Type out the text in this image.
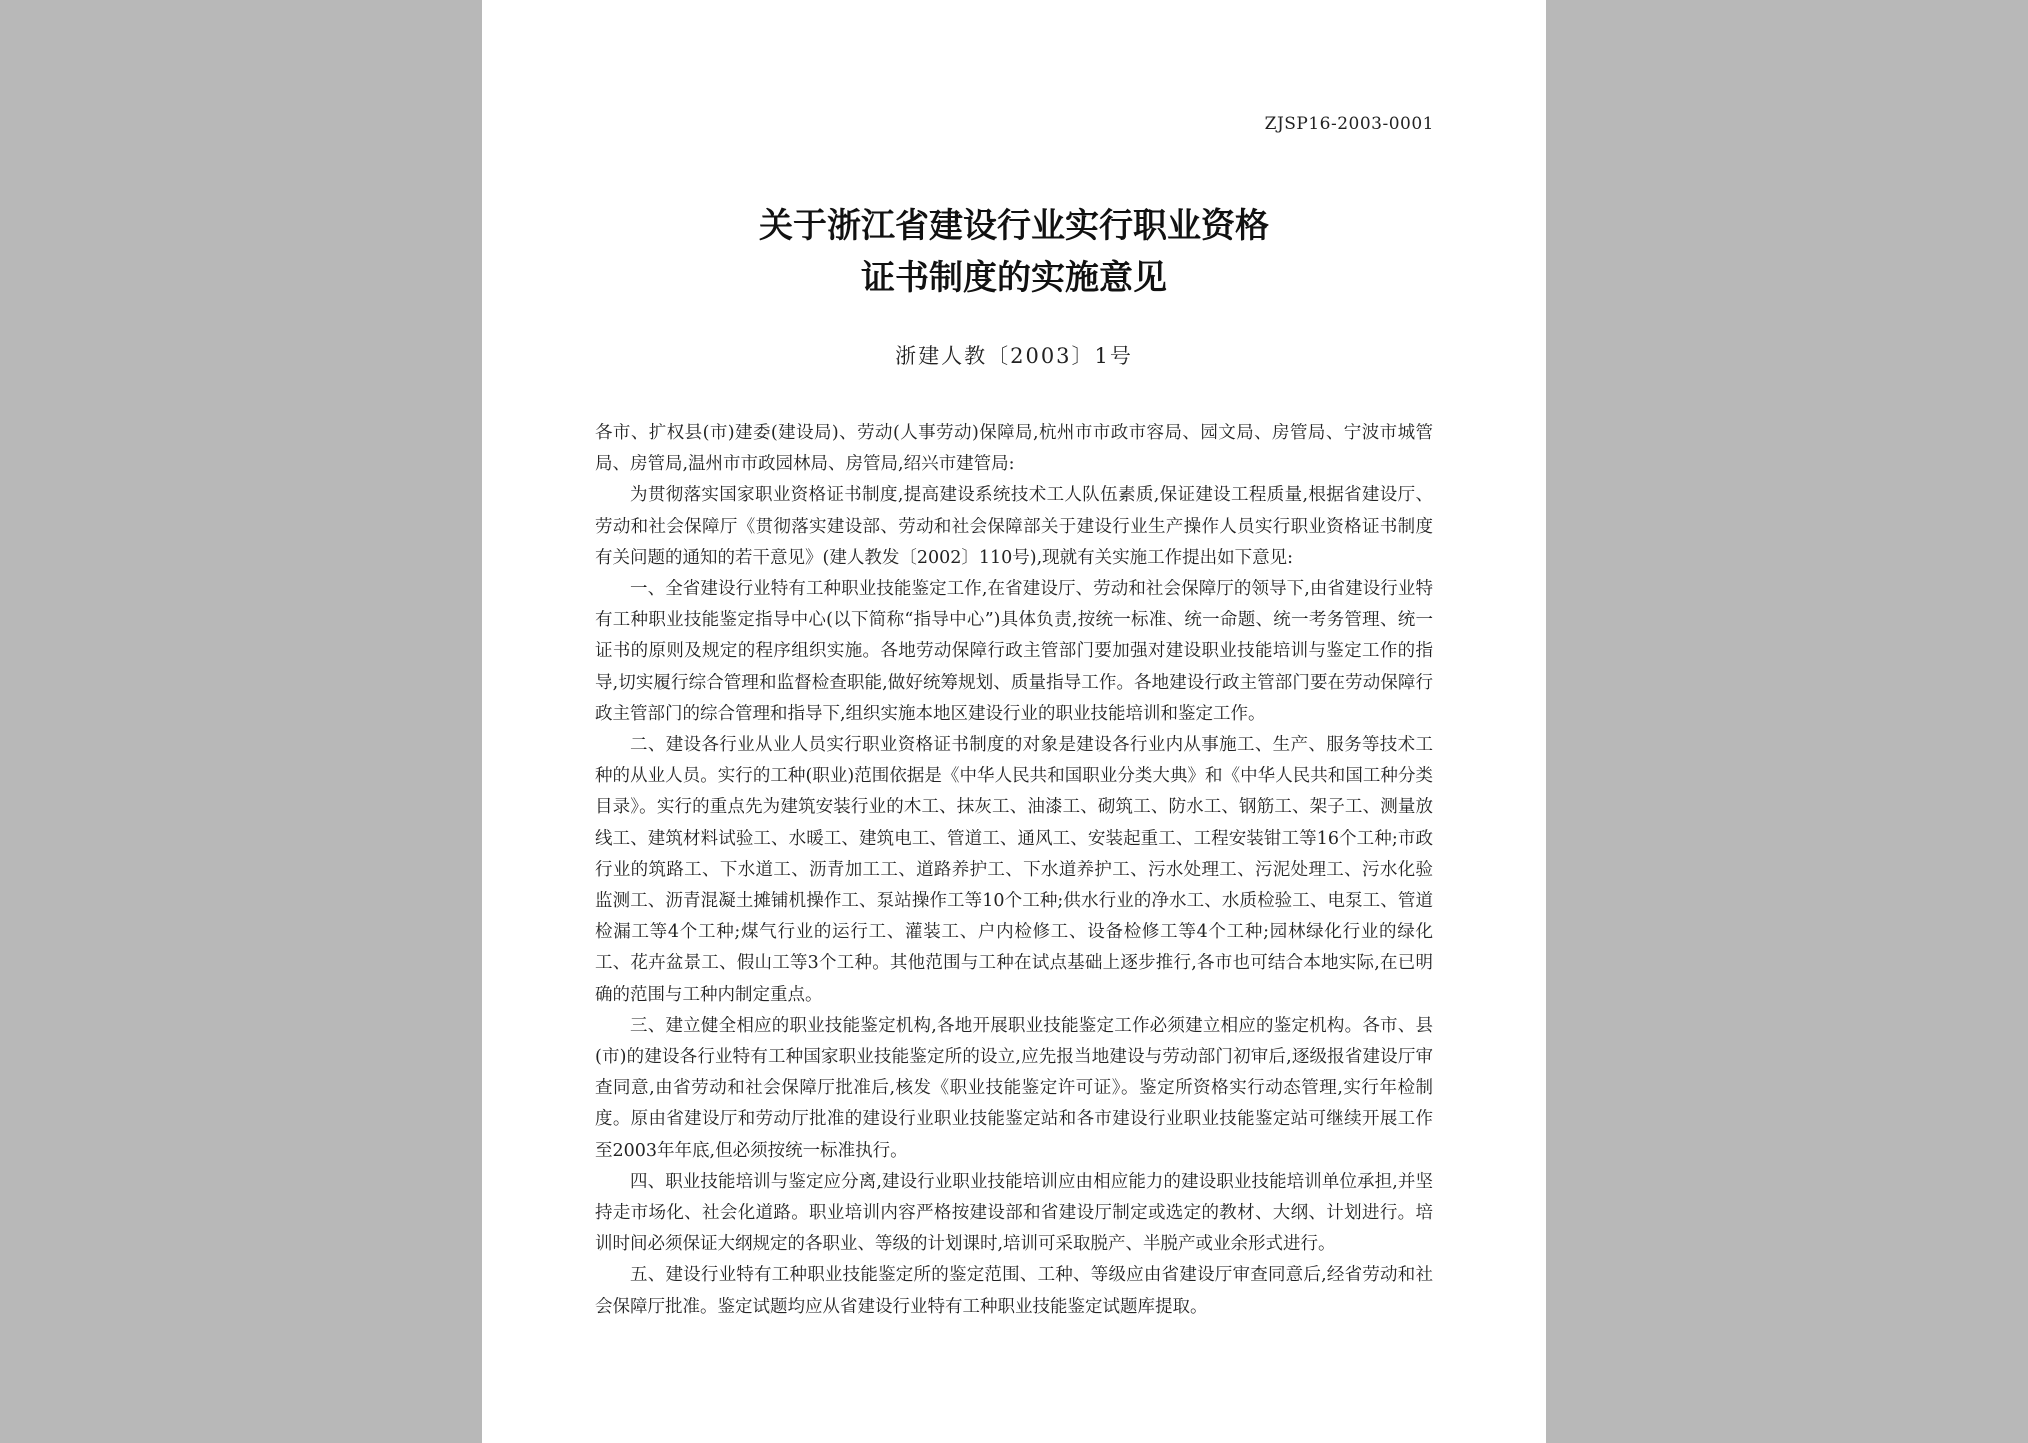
ZJSP16-2003-0001
关于浙江省建设行业实行职业资格
证书制度的实施意见
浙建人教〔2003〕1号

各市、扩权县(市)建委(建设局)、劳动(人事劳动)保障局,杭州市市政市容局、园文局、房管局、宁波市城管局、房管局,温州市市政园林局、房管局,绍兴市建管局:

为贯彻落实国家职业资格证书制度,提高建设系统技术工人队伍素质,保证建设工程质量,根据省建设厅、劳动和社会保障厅《贯彻落实建设部、劳动和社会保障部关于建设行业生产操作人员实行职业资格证书制度有关问题的通知的若干意见》(建人教发〔2002〕110号),现就有关实施工作提出如下意见:

一、全省建设行业特有工种职业技能鉴定工作,在省建设厅、劳动和社会保障厅的领导下,由省建设行业特有工种职业技能鉴定指导中心(以下简称“指导中心”)具体负责,按统一标准、统一命题、统一考务管理、统一证书的原则及规定的程序组织实施。各地劳动保障行政主管部门要加强对建设职业技能培训与鉴定工作的指导,切实履行综合管理和监督检查职能,做好统筹规划、质量指导工作。各地建设行政主管部门要在劳动保障行政主管部门的综合管理和指导下,组织实施本地区建设行业的职业技能培训和鉴定工作。

二、建设各行业从业人员实行职业资格证书制度的对象是建设各行业内从事施工、生产、服务等技术工种的从业人员。实行的工种(职业)范围依据是《中华人民共和国职业分类大典》和《中华人民共和国工种分类目录》。实行的重点先为建筑安装行业的木工、抹灰工、油漆工、砌筑工、防水工、钢筋工、架子工、测量放线工、建筑材料试验工、水暖工、建筑电工、管道工、通风工、安装起重工、工程安装钳工等16个工种;市政行业的筑路工、下水道工、沥青加工工、道路养护工、下水道养护工、污水处理工、污泥处理工、污水化验监测工、沥青混凝土摊铺机操作工、泵站操作工等10个工种;供水行业的净水工、水质检验工、电泵工、管道检漏工等4个工种;煤气行业的运行工、灌装工、户内检修工、设备检修工等4个工种;园林绿化行业的绿化工、花卉盆景工、假山工等3个工种。其他范围与工种在试点基础上逐步推行,各市也可结合本地实际,在已明确的范围与工种内制定重点。

三、建立健全相应的职业技能鉴定机构,各地开展职业技能鉴定工作必须建立相应的鉴定机构。各市、县(市)的建设各行业特有工种国家职业技能鉴定所的设立,应先报当地建设与劳动部门初审后,逐级报省建设厅审查同意,由省劳动和社会保障厅批准后,核发《职业技能鉴定许可证》。鉴定所资格实行动态管理,实行年检制度。原由省建设厅和劳动厅批准的建设行业职业技能鉴定站和各市建设行业职业技能鉴定站可继续开展工作至2003年年底,但必须按统一标准执行。

四、职业技能培训与鉴定应分离,建设行业职业技能培训应由相应能力的建设职业技能培训单位承担,并坚持走市场化、社会化道路。职业培训内容严格按建设部和省建设厅制定或选定的教材、大纲、计划进行。培训时间必须保证大纲规定的各职业、等级的计划课时,培训可采取脱产、半脱产或业余形式进行。

五、建设行业特有工种职业技能鉴定所的鉴定范围、工种、等级应由省建设厅审查同意后,经省劳动和社会保障厅批准。鉴定试题均应从省建设行业特有工种职业技能鉴定试题库提取。
